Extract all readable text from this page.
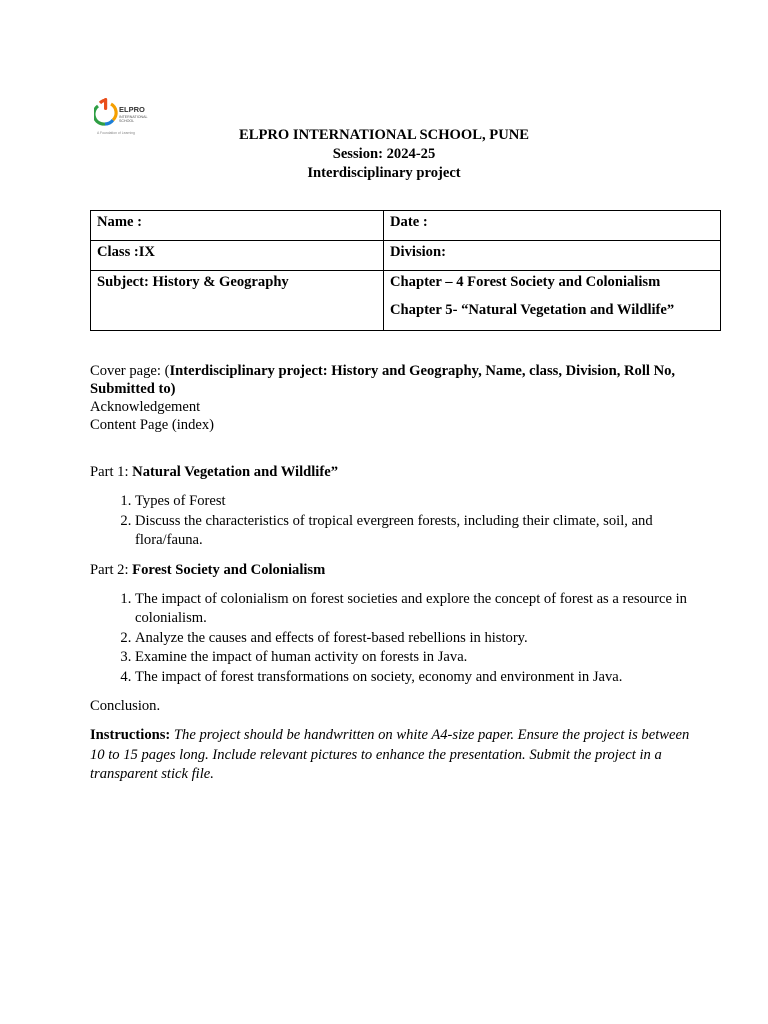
ELPRO
INTERNATIONAL
SCHOOL
A Foundation of Learning	ELPRO INTERNATIONAL SCHOOL, PUNE
Session: 2024-25
Interdisciplinary project
Name :	Date :
Class :IX	Division:
Subject: History & Geography	Chapter – 4 Forest Society and Colonialism
Chapter 5- “Natural Vegetation and Wildlife”

Cover page: (Interdisciplinary project: History and Geography, Name, class, Division, Roll No, Submitted to)

Acknowledgement

Content Page (index)

Part 1: Natural Vegetation and Wildlife”

1. Types of Forest
2. Discuss the characteristics of tropical evergreen forests, including their climate, soil, and flora/fauna.

Part 2: Forest Society and Colonialism

1. The impact of colonialism on forest societies and explore the concept of forest as a resource in colonialism.
2. Analyze the causes and effects of forest-based rebellions in history.
3. Examine the impact of human activity on forests in Java.
4. The impact of forest transformations on society, economy and environment in Java.

Conclusion.

Instructions: The project should be handwritten on white A4-size paper. Ensure the project is between 10 to 15 pages long. Include relevant pictures to enhance the presentation. Submit the project in a transparent stick file.
